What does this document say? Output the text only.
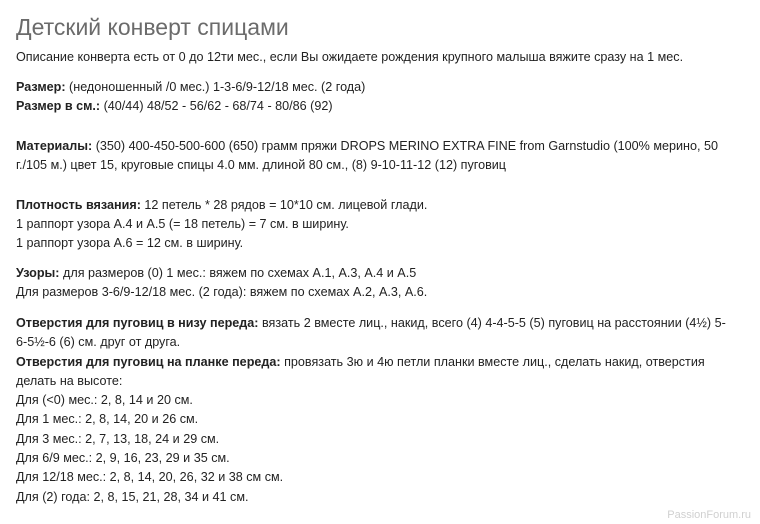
Детский конверт спицами
Описание конверта есть от 0 до 12ти мес., если Вы ожидаете рождения крупного малыша вяжите сразу на 1 мес.
Размер: (недоношенный /0 мес.) 1-3-6/9-12/18 мес. (2 года)
Размер в см.: (40/44) 48/52 - 56/62 - 68/74 - 80/86 (92)
Материалы: (350) 400-450-500-600 (650) грамм пряжи DROPS MERINO EXTRA FINE from Garnstudio (100% мерино, 50
г./105 м.) цвет 15, круговые спицы 4.0 мм. длиной 80 см., (8) 9-10-11-12 (12) пуговиц
Плотность вязания: 12 петель * 28 рядов = 10*10 см. лицевой глади.
1 раппорт узора А.4 и А.5 (= 18 петель) = 7 см. в ширину.
1 раппорт узора А.6 = 12 см. в ширину.
Узоры: для размеров (0) 1 мес.: вяжем по схемах А.1, А.3, А.4 и А.5
Для размеров 3-6/9-12/18 мес. (2 года): вяжем по схемах А.2, А.3, А.6.
Отверстия для пуговиц в низу переда: вязать 2 вместе лиц., накид, всего (4) 4-4-5-5 (5) пуговиц на расстоянии (4½) 5-
6-5½-6 (6) см. друг от друга.
Отверстия для пуговиц на планке переда: провязать 3ю и 4ю петли планки вместе лиц., сделать накид, отверстия
делать на высоте:
Для (<0) мес.: 2, 8, 14 и 20 см.
Для 1 мес.: 2, 8, 14, 20 и 26 см.
Для 3 мес.: 2, 7, 13, 18, 24 и 29 см.
Для 6/9 мес.: 2, 9, 16, 23, 29 и 35 см.
Для 12/18 мес.: 2, 8, 14, 20, 26, 32 и 38 cм см.
Для (2) года: 2, 8, 15, 21, 28, 34 и 41 см.
PassionForum.ru
